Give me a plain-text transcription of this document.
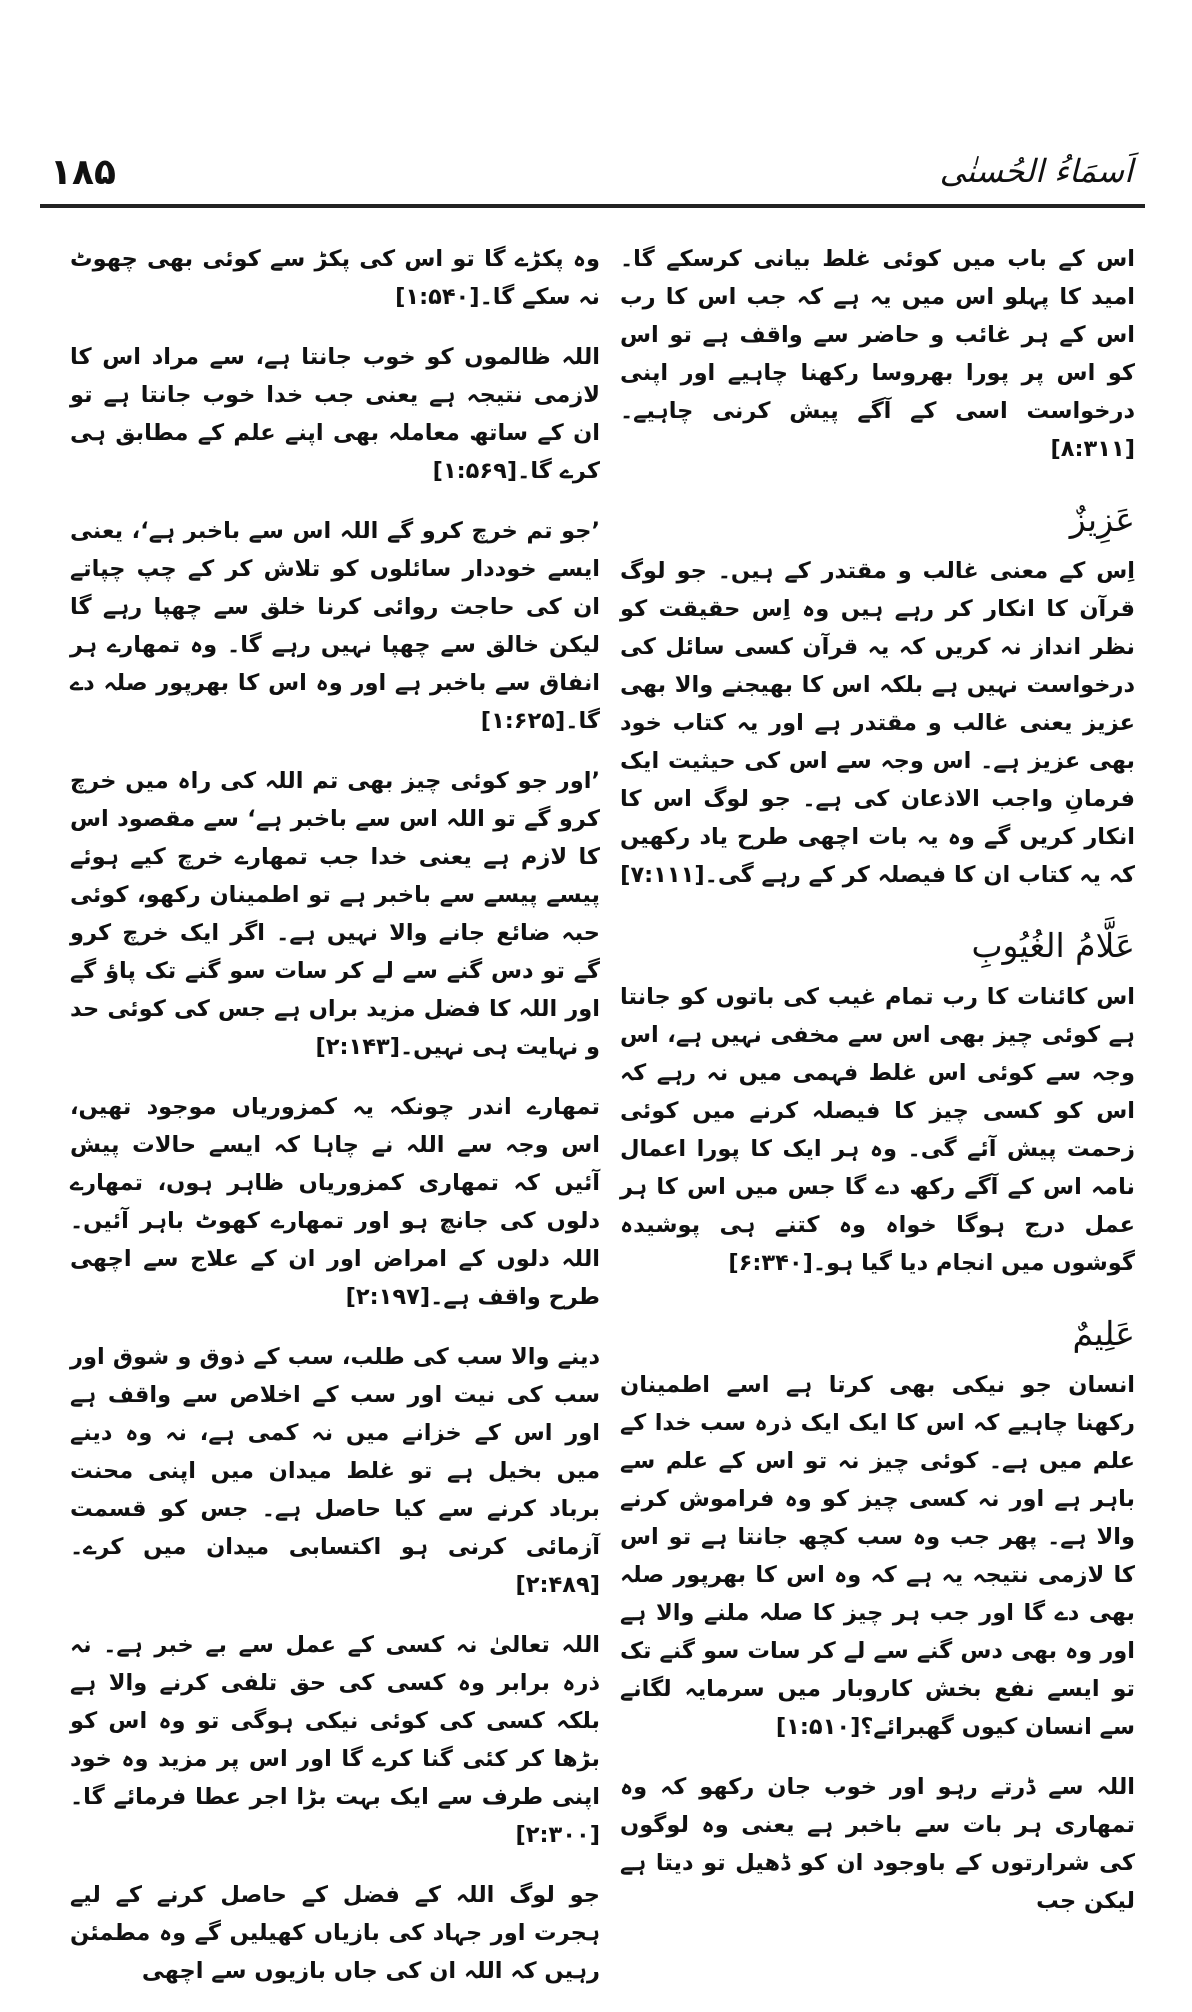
۱۸۵	اَسمَاءُ الحُسنٰی

اس کے باب میں کوئی غلط بیانی کرسکے گا۔ امید کا پہلو اس میں یہ ہے کہ جب اس کا رب اس کے ہر غائب و حاضر سے واقف ہے تو اس کو اس پر پورا بھروسا رکھنا چاہیے اور اپنی درخواست اسی کے آگے پیش کرنی چاہیے۔[۸:۳۱۱]

عَزِیزٌ

اِس کے معنی غالب و مقتدر کے ہیں۔ جو لوگ قرآن کا انکار کر رہے ہیں وہ اِس حقیقت کو نظر انداز نہ کریں کہ یہ قرآن کسی سائل کی درخواست نہیں ہے بلکہ اس کا بھیجنے والا بھی عزیز یعنی غالب و مقتدر ہے اور یہ کتاب خود بھی عزیز ہے۔ اس وجہ سے اس کی حیثیت ایک فرمانِ واجب الاذعان کی ہے۔ جو لوگ اس کا انکار کریں گے وہ یہ بات اچھی طرح یاد رکھیں کہ یہ کتاب ان کا فیصلہ کر کے رہے گی۔[۷:۱۱۱]

عَلَّامُ الغُیُوبِ

اس کائنات کا رب تمام غیب کی باتوں کو جانتا ہے کوئی چیز بھی اس سے مخفی نہیں ہے، اس وجہ سے کوئی اس غلط فہمی میں نہ رہے کہ اس کو کسی چیز کا فیصلہ کرنے میں کوئی زحمت پیش آئے گی۔ وہ ہر ایک کا پورا اعمال نامہ اس کے آگے رکھ دے گا جس میں اس کا ہر عمل درج ہوگا خواہ وہ کتنے ہی پوشیدہ گوشوں میں انجام دیا گیا ہو۔[۶:۳۴۰]

عَلِیمٌ

انسان جو نیکی بھی کرتا ہے اسے اطمینان رکھنا چاہیے کہ اس کا ایک ایک ذرہ سب خدا کے علم میں ہے۔ کوئی چیز نہ تو اس کے علم سے باہر ہے اور نہ کسی چیز کو وہ فراموش کرنے والا ہے۔ پھر جب وہ سب کچھ جانتا ہے تو اس کا لازمی نتیجہ یہ ہے کہ وہ اس کا بھرپور صلہ بھی دے گا اور جب ہر چیز کا صلہ ملنے والا ہے اور وہ بھی دس گنے سے لے کر سات سو گنے تک تو ایسے نفع بخش کاروبار میں سرمایہ لگانے سے انسان کیوں گھبرائے؟[۱:۵۱۰]

اللہ سے ڈرتے رہو اور خوب جان رکھو کہ وہ تمھاری ہر بات سے باخبر ہے یعنی وہ لوگوں کی شرارتوں کے باوجود ان کو ڈھیل تو دیتا ہے لیکن جب

وہ پکڑے گا تو اس کی پکڑ سے کوئی بھی چھوٹ نہ سکے گا۔[۱:۵۴۰]

اللہ ظالموں کو خوب جانتا ہے، سے مراد اس کا لازمی نتیجہ ہے یعنی جب خدا خوب جانتا ہے تو ان کے ساتھ معاملہ بھی اپنے علم کے مطابق ہی کرے گا۔[۱:۵۶۹]

’جو تم خرچ کرو گے اللہ اس سے باخبر ہے‘، یعنی ایسے خوددار سائلوں کو تلاش کر کے چپ چپاتے ان کی حاجت روائی کرنا خلق سے چھپا رہے گا لیکن خالق سے چھپا نہیں رہے گا۔ وہ تمھارے ہر انفاق سے باخبر ہے اور وہ اس کا بھرپور صلہ دے گا۔[۱:۶۲۵]

’اور جو کوئی چیز بھی تم اللہ کی راہ میں خرچ کرو گے تو اللہ اس سے باخبر ہے‘ سے مقصود اس کا لازم ہے یعنی خدا جب تمھارے خرچ کیے ہوئے پیسے پیسے سے باخبر ہے تو اطمینان رکھو، کوئی حبہ ضائع جانے والا نہیں ہے۔ اگر ایک خرچ کرو گے تو دس گنے سے لے کر سات سو گنے تک پاؤ گے اور اللہ کا فضل مزید براں ہے جس کی کوئی حد و نہایت ہی نہیں۔[۲:۱۴۳]

تمھارے اندر چونکہ یہ کمزوریاں موجود تھیں، اس وجہ سے اللہ نے چاہا کہ ایسے حالات پیش آئیں کہ تمھاری کمزوریاں ظاہر ہوں، تمھارے دلوں کی جانچ ہو اور تمھارے کھوٹ باہر آئیں۔ اللہ دلوں کے امراض اور ان کے علاج سے اچھی طرح واقف ہے۔[۲:۱۹۷]

دینے والا سب کی طلب، سب کے ذوق و شوق اور سب کی نیت اور سب کے اخلاص سے واقف ہے اور اس کے خزانے میں نہ کمی ہے، نہ وہ دینے میں بخیل ہے تو غلط میدان میں اپنی محنت برباد کرنے سے کیا حاصل ہے۔ جس کو قسمت آزمائی کرنی ہو اکتسابی میدان میں کرے۔[۲:۴۸۹]

اللہ تعالیٰ نہ کسی کے عمل سے بے خبر ہے۔ نہ ذرہ برابر وہ کسی کی حق تلفی کرنے والا ہے بلکہ کسی کی کوئی نیکی ہوگی تو وہ اس کو بڑھا کر کئی گنا کرے گا اور اس پر مزید وہ خود اپنی طرف سے ایک بہت بڑا اجر عطا فرمائے گا۔[۲:۳۰۰]

جو لوگ اللہ کے فضل کے حاصل کرنے کے لیے ہجرت اور جہاد کی بازیاں کھیلیں گے وہ مطمئن رہیں کہ اللہ ان کی جاں بازیوں سے اچھی
